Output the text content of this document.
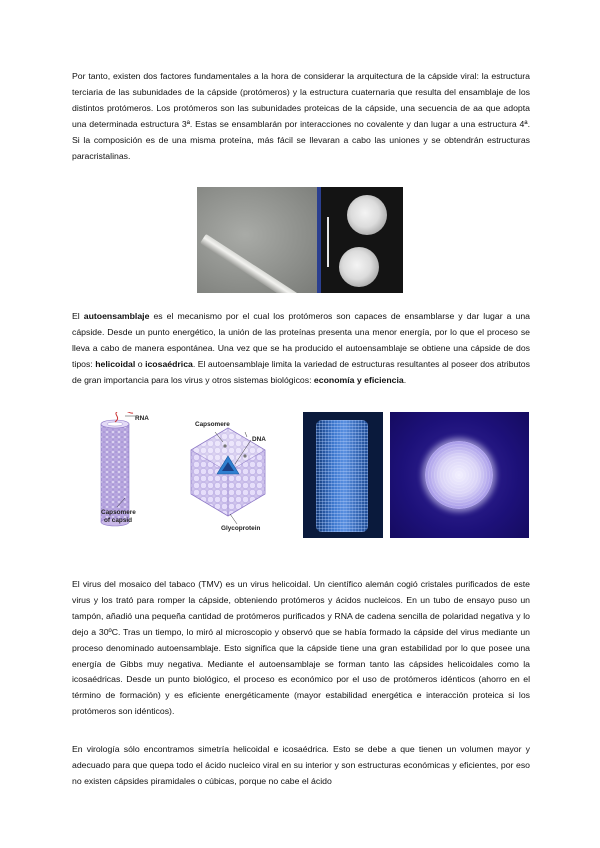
Por tanto, existen dos factores fundamentales a la hora de considerar la arquitectura de la cápside viral: la estructura terciaria de las subunidades de la cápside (protómeros) y la estructura cuaternaria que resulta del ensamblaje de los distintos protómeros. Los protómeros son las subunidades proteicas de la cápside, una secuencia de aa que adopta una determinada estructura 3ª. Estas se ensamblarán por interacciones no covalente y dan lugar a una estructura 4ª. Si la composición es de una misma proteína, más fácil se llevaran a cabo las uniones y se obtendrán estructuras paracristalinas.

El autoensamblaje es el mecanismo por el cual los protómeros son capaces de ensamblarse y dar lugar a una cápside. Desde un punto energético, la unión de las proteínas presenta una menor energía, por lo que el proceso se lleva a cabo de manera espontánea. Una vez que se ha producido el autoensamblaje se obtiene una cápside de dos tipos: helicoidal o icosaédrica. El autoensamblaje limita la variedad de estructuras resultantes al poseer dos atributos de gran importancia para los virus y otros sistemas biológicos: economía y eficiencia.

RNA
Capsomere
DNA
Capsomere
of capsid
Glycoprotein

El virus del mosaico del tabaco (TMV) es un virus helicoidal. Un científico alemán cogió cristales purificados de este virus y los trató para romper la cápside, obteniendo protómeros y ácidos nucleicos. En un tubo de ensayo puso un tampón, añadió una pequeña cantidad de protómeros purificados y RNA de cadena sencilla de polaridad negativa y lo dejo a 30ºC. Tras un tiempo, lo miró al microscopio y observó que se había formado la cápside del virus mediante un proceso denominado autoensamblaje. Esto significa que la cápside tiene una gran estabilidad por lo que posee una energía de Gibbs muy negativa. Mediante el autoensamblaje se forman tanto las cápsides helicoidales como la icosaédricas. Desde un punto biológico, el proceso es económico por el uso de protómeros idénticos (ahorro en el término de formación) y es eficiente energéticamente (mayor estabilidad energética e interacción proteica si los protómeros son idénticos).

En virología sólo encontramos simetría helicoidal e icosaédrica. Esto se debe a que tienen un volumen mayor y adecuado para que quepa todo el ácido nucleico viral en su interior y son estructuras económicas y eficientes, por eso no existen cápsides piramidales o cúbicas, porque no cabe el ácido
